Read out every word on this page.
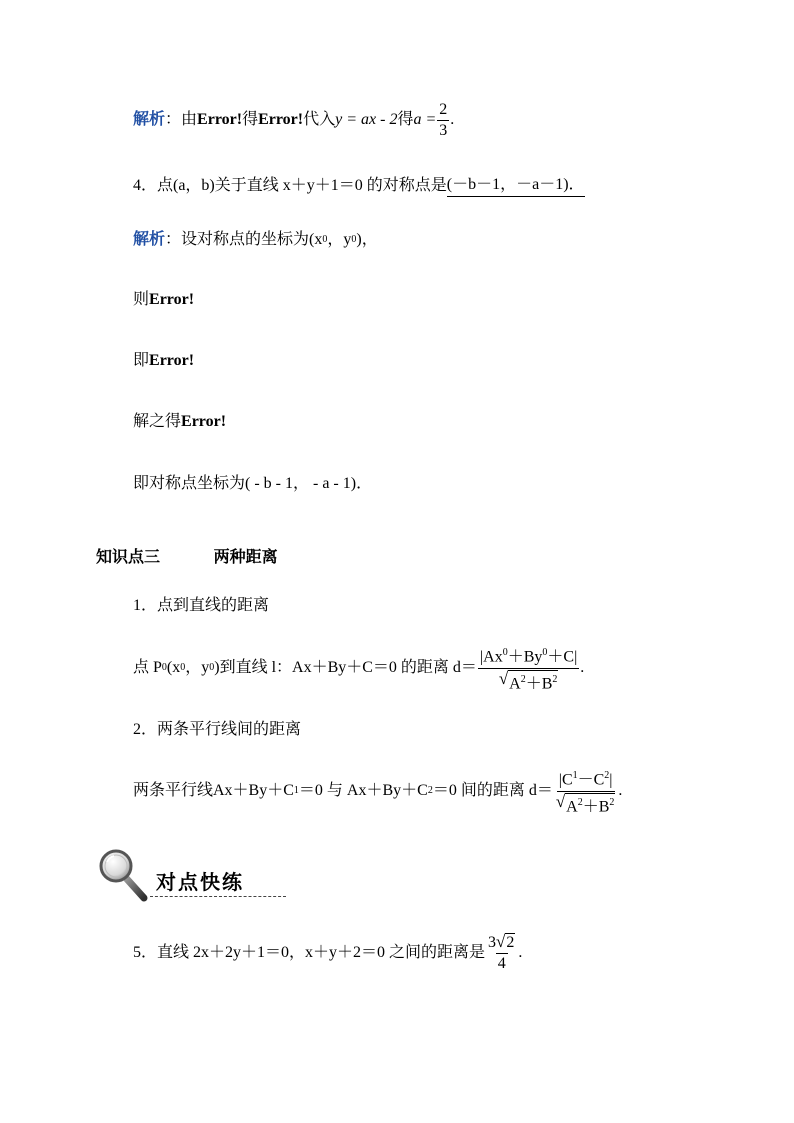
解析 ： 由 Error! 得 Error! 代入 y = ax - 2 得 $a = \frac{2}{3}$ .
4．点(a，b)关于直线 x＋y＋1＝0 的对称点是 (－b－1，－a－1)．
解析 ： 设对称点的坐标为(x 0 ，y 0 )，
则 Error!
即 Error!
解之得 Error!
即对称点坐标为( - b - 1， - a - 1)．
知识点三	两种距离
1．点到直线的距离
点 P 0 (x 0 ，y 0 )到直线 l：Ax＋By＋C＝0 的距离 $d= \frac{|Ax^0+By^0+C|}{√ A^2+B^2}$ .
2．两条平行线间的距离
两条平行线Ax＋By＋C 1 ＝0 与 Ax＋By＋C 2 ＝0 间的距离 $d= \frac{|C^1-C^2|}{√ A^2+B^2}$ .
对点快练
5．直线 2x＋2y＋1＝0，x＋y＋2＝0 之间的距离是 $\frac{3 √ 2}{4}$ .
